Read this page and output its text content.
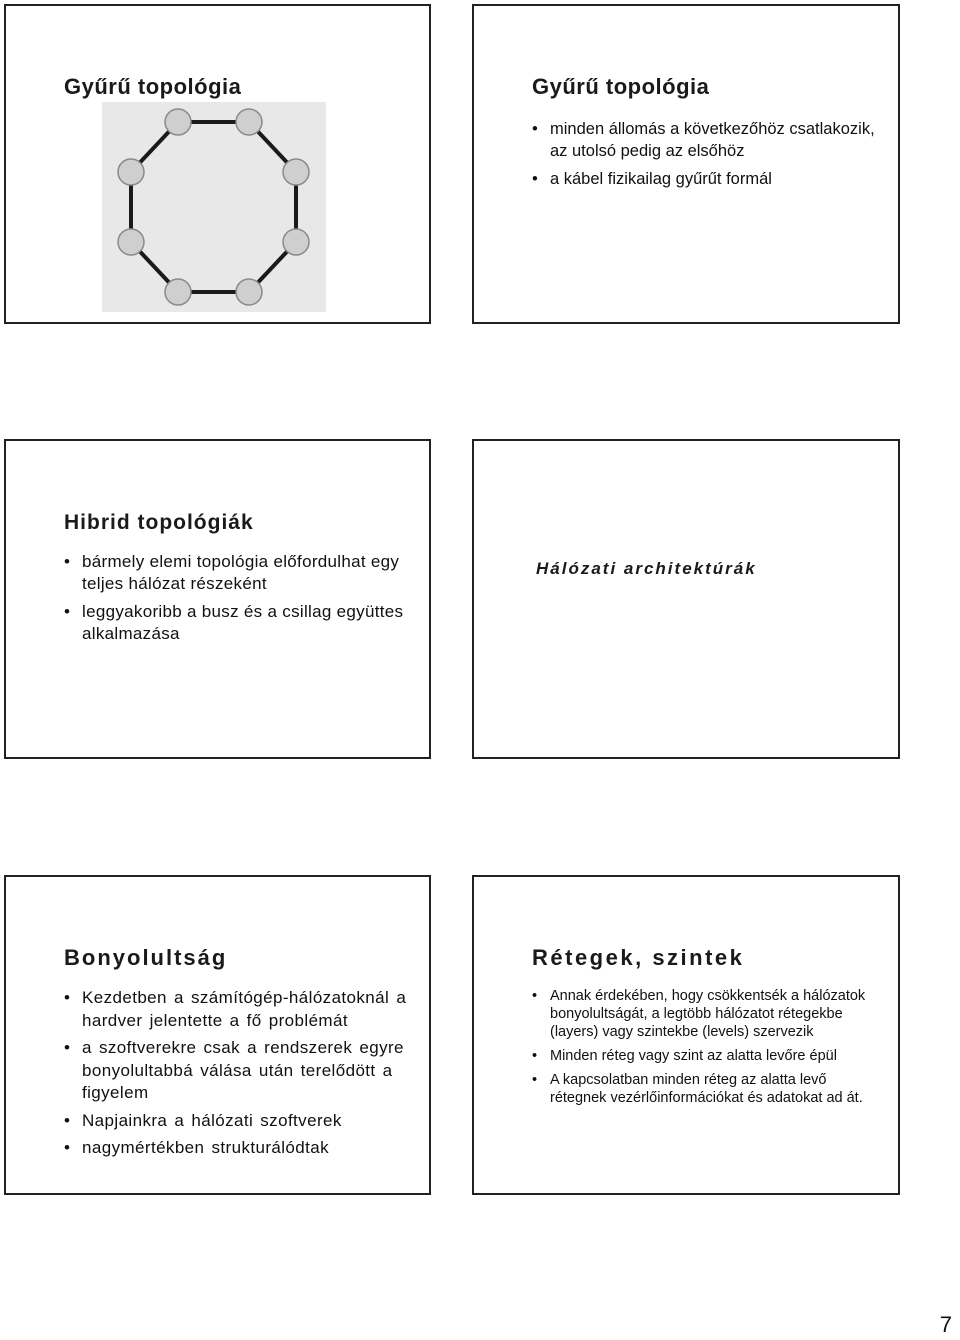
Gyűrű topológia	Gyűrű topológia
• minden állomás a következőhöz csatlakozik, az utolsó pedig az elsőhöz
• a kábel fizikailag gyűrűt formál
Hibrid topológiák
• bármely elemi topológia előfordulhat egy teljes hálózat részeként
• leggyakoribb a busz és a csillag együttes alkalmazása
Hálózati architektúrák
Bonyolultság
• Kezdetben a számítógép-hálózatoknál a hardver jelentette a fő problémát
• a szoftverekre csak a rendszerek egyre bonyolultabbá válása után terelődött a figyelem
• Napjainkra a hálózati szoftverek
• nagymértékben strukturálódtak
Rétegek, szintek
• Annak érdekében, hogy csökkentsék a hálózatok bonyolultságát, a legtöbb hálózatot rétegekbe (layers) vagy szintekbe (levels) szervezik
• Minden réteg vagy szint az alatta levőre épül
• A kapcsolatban minden réteg az alatta levő rétegnek vezérlőinformációkat és adatokat ad át.
7
